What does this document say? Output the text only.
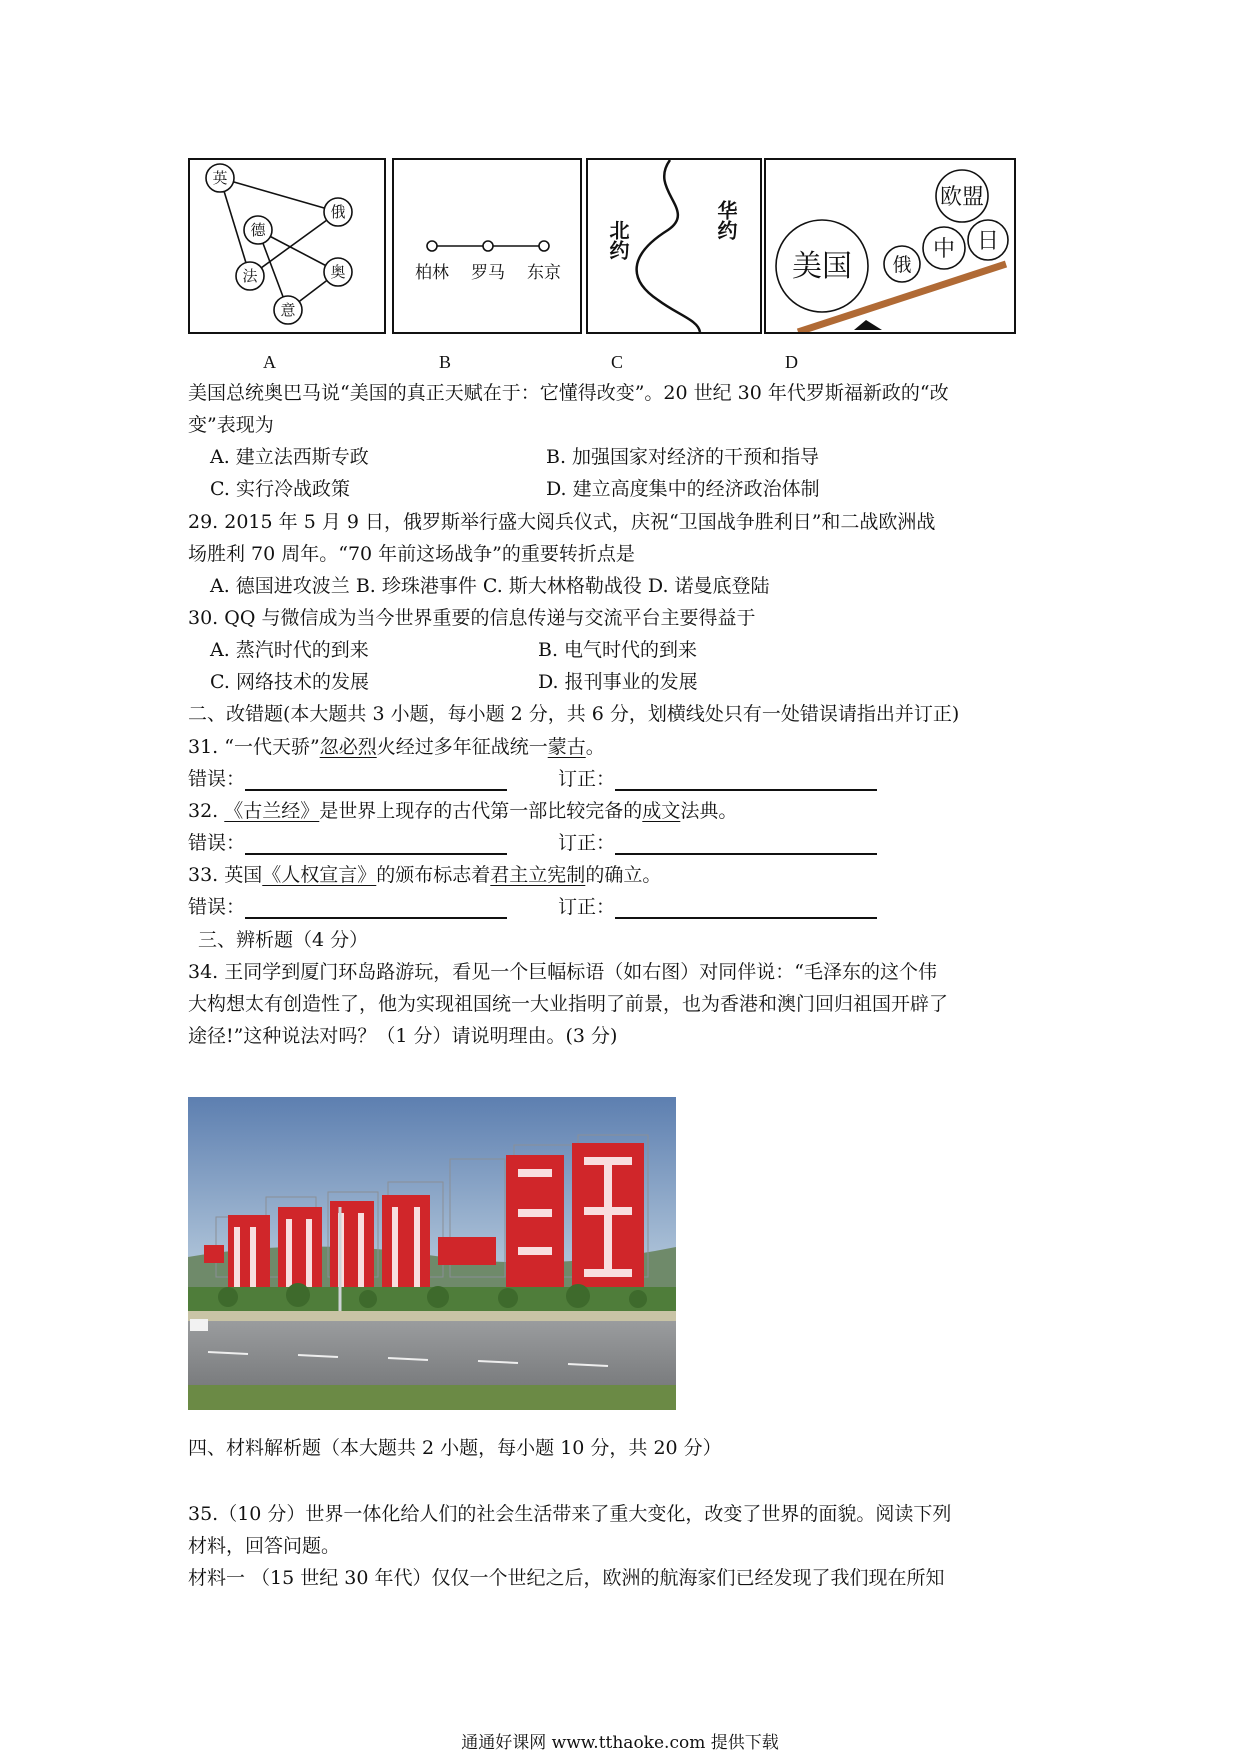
英
俄
德
奥
法
意
柏林 罗马 东京
北约	华约
美国 俄
中
欧盟
日
A	B	C	D
美国总统奥巴马说“美国的真正天赋在于：它懂得改变”。20 世纪 30 年代罗斯福新政的“改
变”表现为
A. 建立法西斯专政	B. 加强国家对经济的干预和指导
C. 实行冷战政策	D. 建立高度集中的经济政治体制
29. 2015 年 5 月 9 日，俄罗斯举行盛大阅兵仪式，庆祝“卫国战争胜利日”和二战欧洲战
场胜利 70 周年。“70 年前这场战争”的重要转折点是
A. 德国进攻波兰 B. 珍珠港事件 C. 斯大林格勒战役 D. 诺曼底登陆
30. QQ 与微信成为当今世界重要的信息传递与交流平台主要得益于
A. 蒸汽时代的到来	B. 电气时代的到来
C. 网络技术的发展	D. 报刊事业的发展
二、改错题(本大题共 3 小题，每小题 2 分，共 6 分，划横线处只有一处错误请指出并订正)
31. “一代天骄”忽必烈火经过多年征战统一蒙古。
错误：	订正：
32. 《古兰经》是世界上现存的古代第一部比较完备的成文法典。
错误：	订正：
33. 英国《人权宣言》的颁布标志着君主立宪制的确立。
错误：	订正：
三、辨析题（4 分）
34. 王同学到厦门环岛路游玩，看见一个巨幅标语（如右图）对同伴说：“毛泽东的这个伟
大构想太有创造性了，他为实现祖国统一大业指明了前景，也为香港和澳门回归祖国开辟了
途径!”这种说法对吗？（1 分）请说明理由。(3 分)
四、材料解析题（本大题共 2 小题，每小题 10 分，共 20 分）
35.（10 分）世界一体化给人们的社会生活带来了重大变化，改变了世界的面貌。阅读下列
材料，回答问题。
材料一 （15 世纪 30 年代）仅仅一个世纪之后，欧洲的航海家们已经发现了我们现在所知
通通好课网 www.tthaoke.com 提供下载
